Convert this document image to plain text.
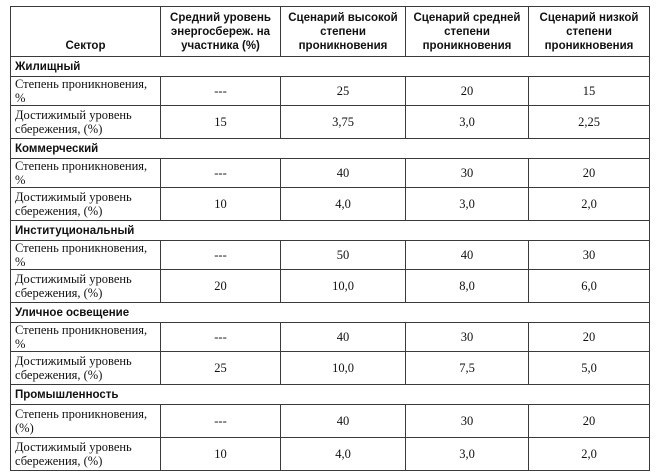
Сектор	Средний уровень энергосбереж. на участника (%)	Сценарий высокой степени проникновения	Сценарий средней степени проникновения	Сценарий низкой степени проникновения
Жилищный				
Степень проникновения, %	---	25	20	15
Достижимый уровень сбережения, (%)	15	3,75	3,0	2,25
Коммерческий				
Степень проникновения, %	---	40	30	20
Достижимый уровень сбережения, (%)	10	4,0	3,0	2,0
Институциональный				
Степень проникновения, %	---	50	40	30
Достижимый уровень сбережения, (%)	20	10,0	8,0	6,0
Уличное освещение				
Степень проникновения, %	---	40	30	20
Достижимый уровень сбережения, (%)	25	10,0	7,5	5,0
Промышленность				
Степень проникновения, (%)	---	40	30	20
Достижимый уровень сбережения, (%)	10	4,0	3,0	2,0
